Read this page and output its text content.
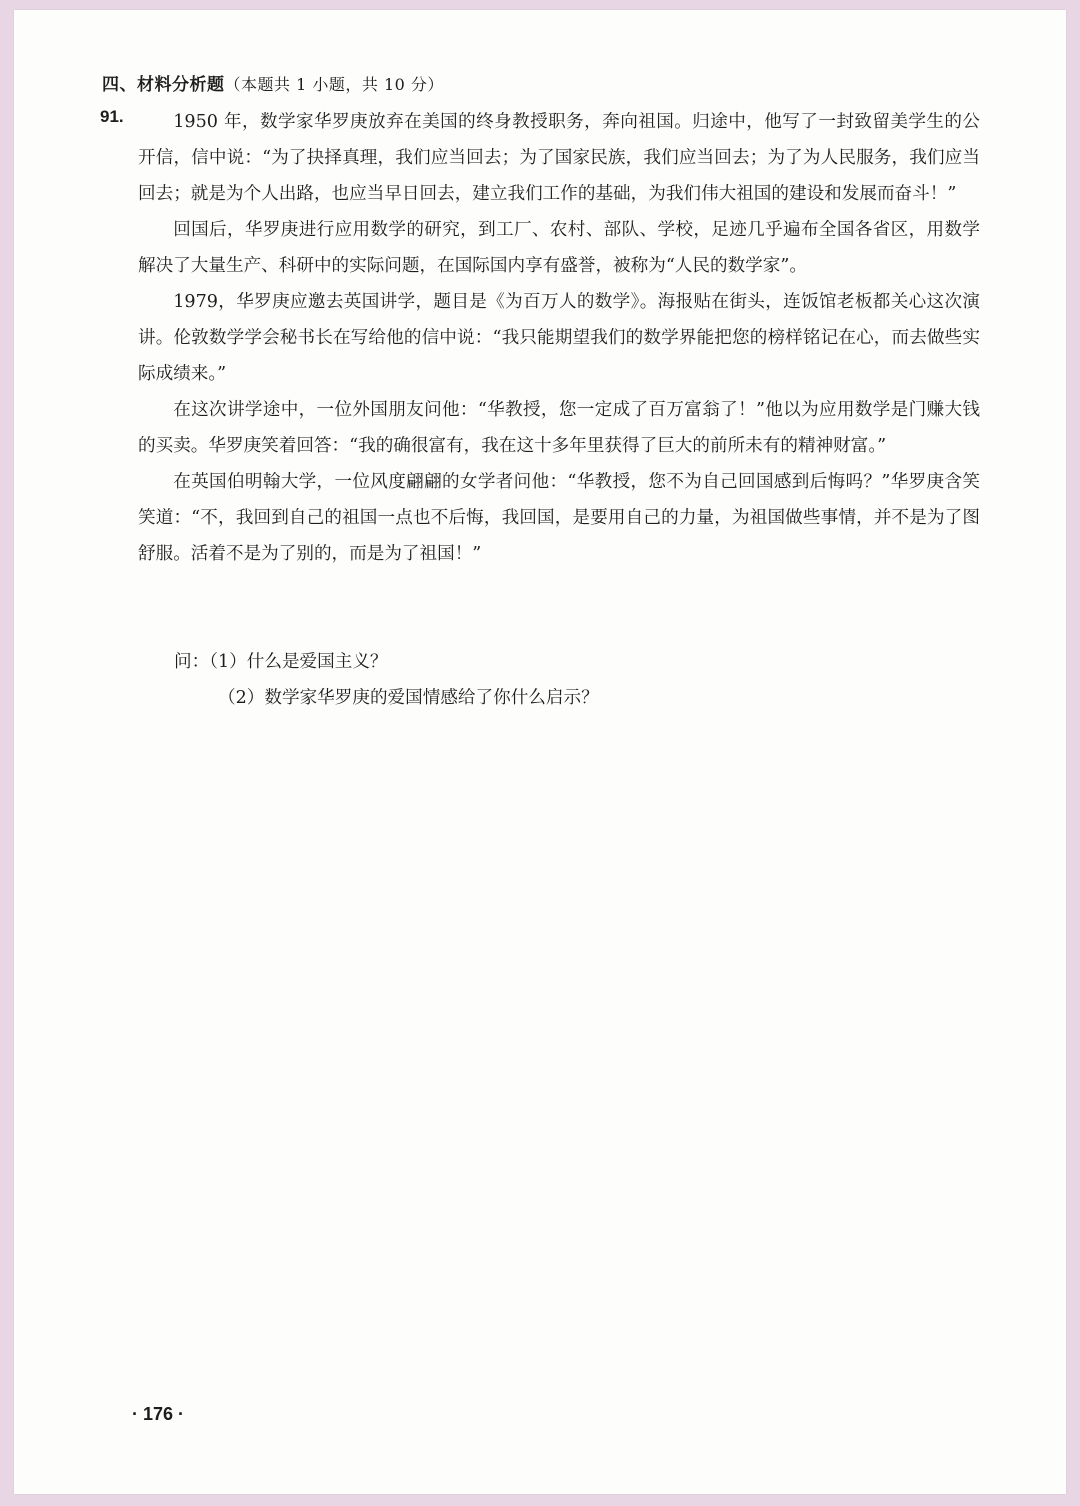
四、材料分析题（本题共 1 小题，共 10 分）
91.	1950 年，数学家华罗庚放弃在美国的终身教授职务，奔向祖国。归途中，他写了一封致留美学生的公开信，信中说：“为了抉择真理，我们应当回去；为了国家民族，我们应当回去；为了为人民服务，我们应当回去；就是为个人出路，也应当早日回去，建立我们工作的基础，为我们伟大祖国的建设和发展而奋斗！”

回国后，华罗庚进行应用数学的研究，到工厂、农村、部队、学校，足迹几乎遍布全国各省区，用数学解决了大量生产、科研中的实际问题，在国际国内享有盛誉，被称为“人民的数学家”。

1979，华罗庚应邀去英国讲学，题目是《为百万人的数学》。海报贴在街头，连饭馆老板都关心这次演讲。伦敦数学学会秘书长在写给他的信中说：“我只能期望我们的数学界能把您的榜样铭记在心，而去做些实际成绩来。”

在这次讲学途中，一位外国朋友问他：“华教授，您一定成了百万富翁了！”他以为应用数学是门赚大钱的买卖。华罗庚笑着回答：“我的确很富有，我在这十多年里获得了巨大的前所未有的精神财富。”

在英国伯明翰大学，一位风度翩翩的女学者问他：“华教授，您不为自己回国感到后悔吗？”华罗庚含笑笑道：“不，我回到自己的祖国一点也不后悔，我回国，是要用自己的力量，为祖国做些事情，并不是为了图舒服。活着不是为了别的，而是为了祖国！”

问：（1）什么是爱国主义？
（2）数学家华罗庚的爱国情感给了你什么启示？
· 176 ·
